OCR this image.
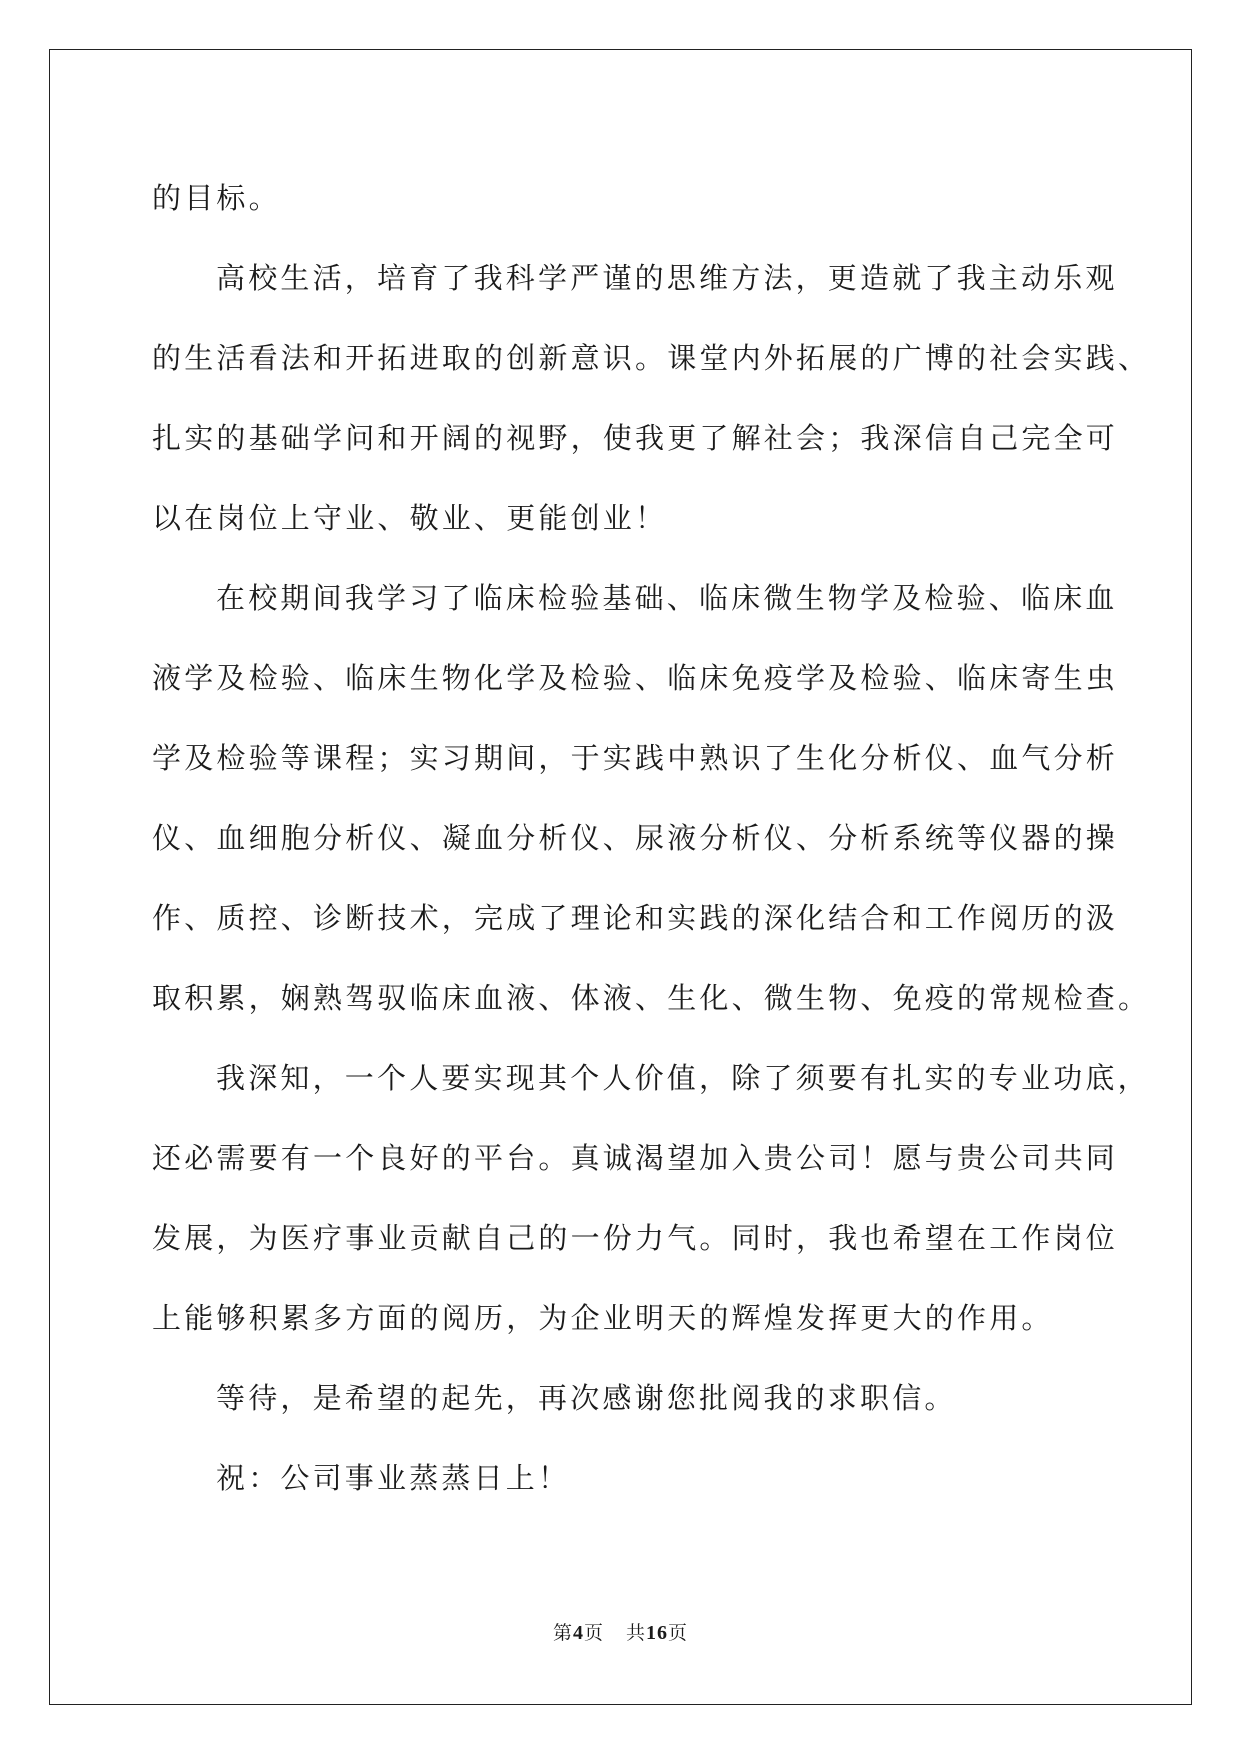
的目标。

高校生活，培育了我科学严谨的思维方法，更造就了我主动乐观
的生活看法和开拓进取的创新意识。课堂内外拓展的广博的社会实践、
扎实的基础学问和开阔的视野，使我更了解社会；我深信自己完全可
以在岗位上守业、敬业、更能创业！

在校期间我学习了临床检验基础、临床微生物学及检验、临床血
液学及检验、临床生物化学及检验、临床免疫学及检验、临床寄生虫
学及检验等课程；实习期间，于实践中熟识了生化分析仪、血气分析
仪、血细胞分析仪、凝血分析仪、尿液分析仪、分析系统等仪器的操
作、质控、诊断技术，完成了理论和实践的深化结合和工作阅历的汲
取积累，娴熟驾驭临床血液、体液、生化、微生物、免疫的常规检查。

我深知，一个人要实现其个人价值，除了须要有扎实的专业功底，
还必需要有一个良好的平台。真诚渴望加入贵公司！愿与贵公司共同
发展，为医疗事业贡献自己的一份力气。同时，我也希望在工作岗位
上能够积累多方面的阅历，为企业明天的辉煌发挥更大的作用。

等待，是希望的起先，再次感谢您批阅我的求职信。

祝：公司事业蒸蒸日上！

第4页 共16页
